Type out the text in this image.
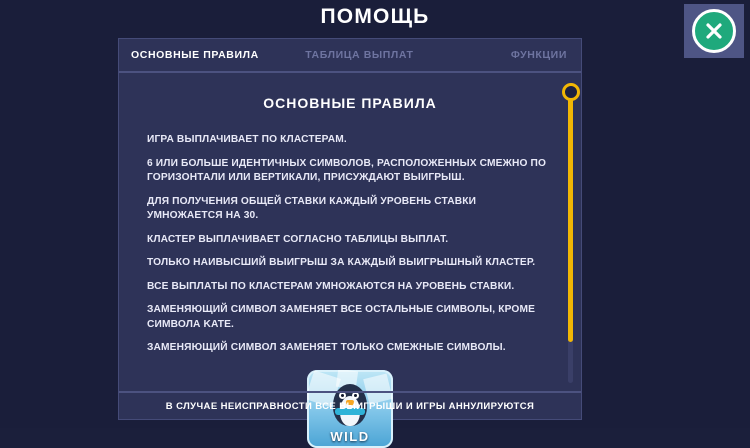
ПОМОЩЬ
ОСНОВНЫЕ ПРАВИЛА	ТАБЛИЦА ВЫПЛАТ	ФУНКЦИИ
ОСНОВНЫЕ ПРАВИЛА
ИГРА ВЫПЛАЧИВАЕТ ПО КЛАСТЕРАМ.
6 ИЛИ БОЛЬШЕ ИДЕНТИЧНЫХ СИМВОЛОВ, РАСПОЛОЖЕННЫХ СМЕЖНО ПО ГОРИЗОНТАЛИ ИЛИ ВЕРТИКАЛИ, ПРИСУЖДАЮТ ВЫИГРЫШ.
ДЛЯ ПОЛУЧЕНИЯ ОБЩЕЙ СТАВКИ КАЖДЫЙ УРОВЕНЬ СТАВКИ УМНОЖАЕТСЯ НА 30.
КЛАСТЕР ВЫПЛАЧИВАЕТ СОГЛАСНО ТАБЛИЦЫ ВЫПЛАТ.
ТОЛЬКО НАИВЫСШИЙ ВЫИГРЫШ ЗА КАЖДЫЙ ВЫИГРЫШНЫЙ КЛАСТЕР.
ВСЕ ВЫПЛАТЫ ПО КЛАСТЕРАМ УМНОЖАЮТСЯ НА УРОВЕНЬ СТАВКИ.
ЗАМЕНЯЮЩИЙ СИМВОЛ ЗАМЕНЯЕТ ВСЕ ОСТАЛЬНЫЕ СИМВОЛЫ, КРОМЕ СИМВОЛА KATE.
ЗАМЕНЯЮЩИЙ СИМВОЛ ЗАМЕНЯЕТ ТОЛЬКО СМЕЖНЫЕ СИМВОЛЫ.
WILD
В СЛУЧАЕ НЕИСПРАВНОСТИ ВСЕ ВЫИГРЫШИ И ИГРЫ АННУЛИРУЮТСЯ
